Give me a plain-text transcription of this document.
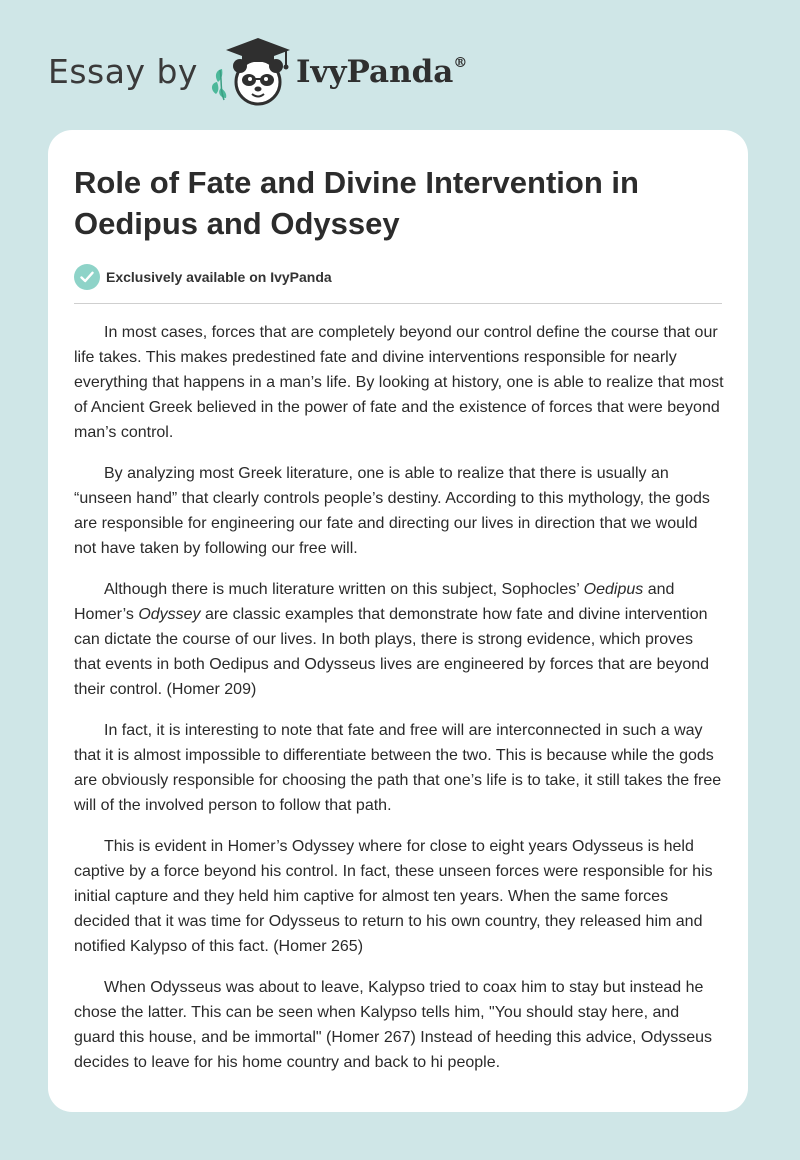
Essay by	IvyPanda®
Role of Fate and Divine Intervention in Oedipus and Odyssey
Exclusively available on IvyPanda

In most cases, forces that are completely beyond our control define the course that our life takes. This makes predestined fate and divine interventions responsible for nearly everything that happens in a man’s life. By looking at history, one is able to realize that most of Ancient Greek believed in the power of fate and the existence of forces that were beyond man’s control.

By analyzing most Greek literature, one is able to realize that there is usually an “unseen hand” that clearly controls people’s destiny. According to this mythology, the gods are responsible for engineering our fate and directing our lives in direction that we would not have taken by following our free will.

Although there is much literature written on this subject, Sophocles’ Oedipus and Homer’s Odyssey are classic examples that demonstrate how fate and divine intervention can dictate the course of our lives. In both plays, there is strong evidence, which proves that events in both Oedipus and Odysseus lives are engineered by forces that are beyond their control. (Homer 209)

In fact, it is interesting to note that fate and free will are interconnected in such a way that it is almost impossible to differentiate between the two. This is because while the gods are obviously responsible for choosing the path that one’s life is to take, it still takes the free will of the involved person to follow that path.

This is evident in Homer’s Odyssey where for close to eight years Odysseus is held captive by a force beyond his control. In fact, these unseen forces were responsible for his initial capture and they held him captive for almost ten years. When the same forces decided that it was time for Odysseus to return to his own country, they released him and notified Kalypso of this fact. (Homer 265)

When Odysseus was about to leave, Kalypso tried to coax him to stay but instead he chose the latter. This can be seen when Kalypso tells him, "You should stay here, and guard this house, and be immortal" (Homer 267) Instead of heeding this advice, Odysseus decides to leave for his home country and back to hi people.
